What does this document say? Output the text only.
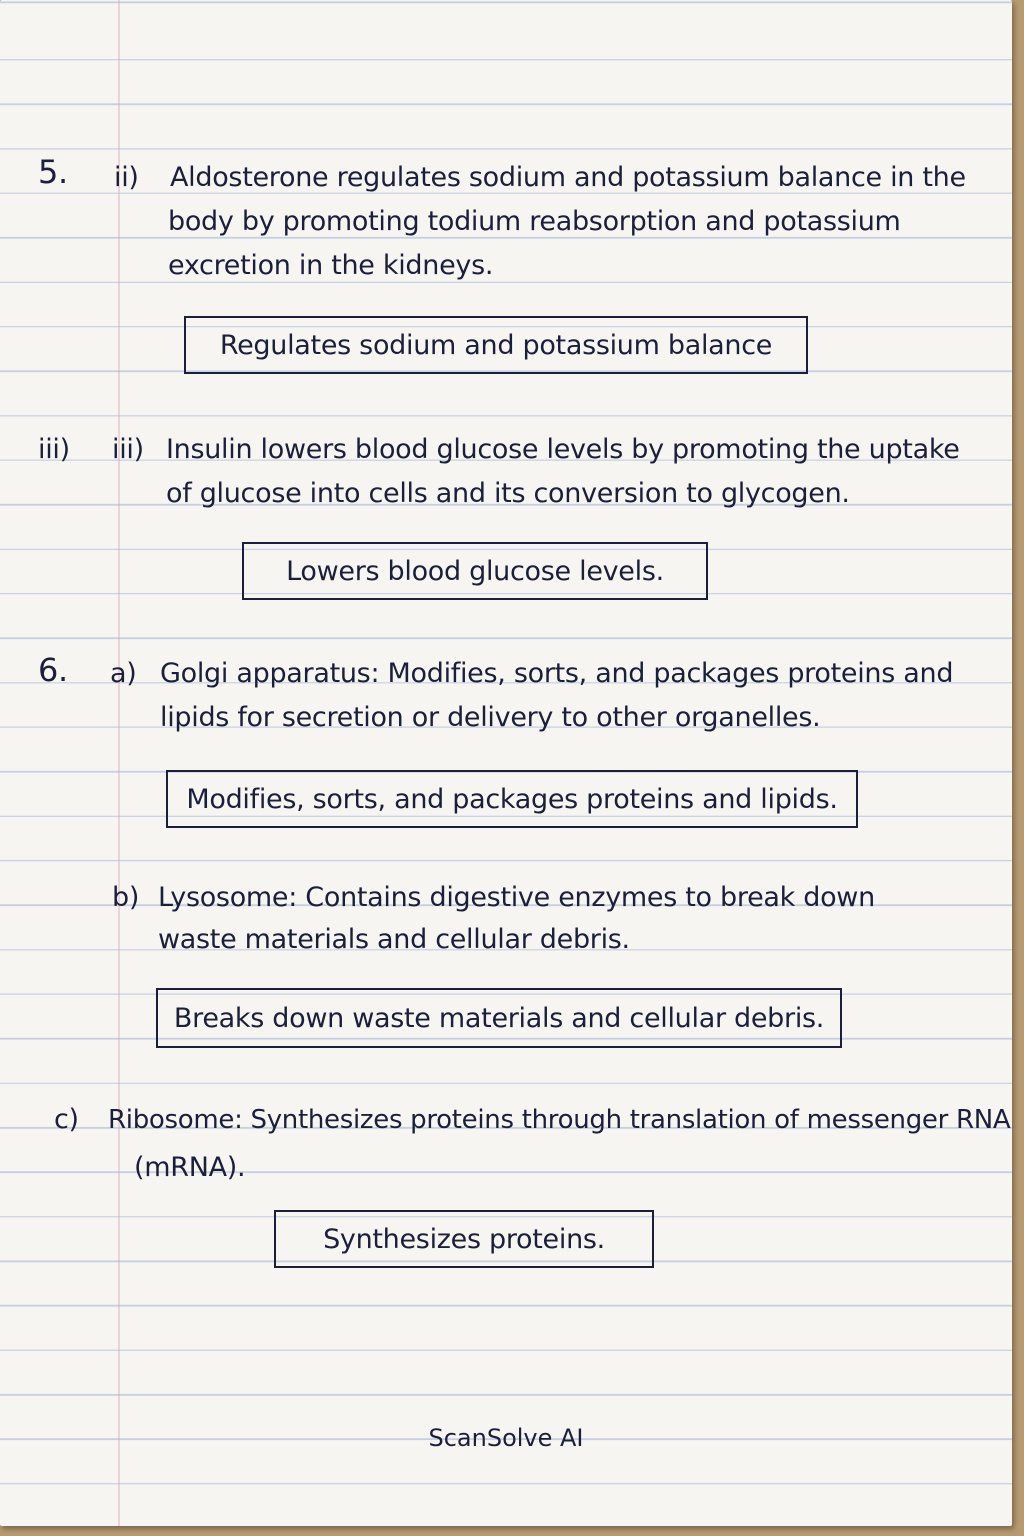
5. ii) Aldosterone regulates sodium and potassium balance in the
body by promoting todium reabsorption and potassium
excretion in the kidneys.
Regulates sodium and potassium balance
iii) iii) Insulin lowers blood glucose levels by promoting the uptake
of glucose into cells and its conversion to glycogen.
Lowers blood glucose levels.
6. a) Golgi apparatus: Modifies, sorts, and packages proteins and
lipids for secretion or delivery to other organelles.
Modifies, sorts, and packages proteins and lipids.
b) Lysosome: Contains digestive enzymes to break down
waste materials and cellular debris.
Breaks down waste materials and cellular debris.
c) Ribosome: Synthesizes proteins through translation of messenger RNA
(mRNA).
Synthesizes proteins.
ScanSolve AI
